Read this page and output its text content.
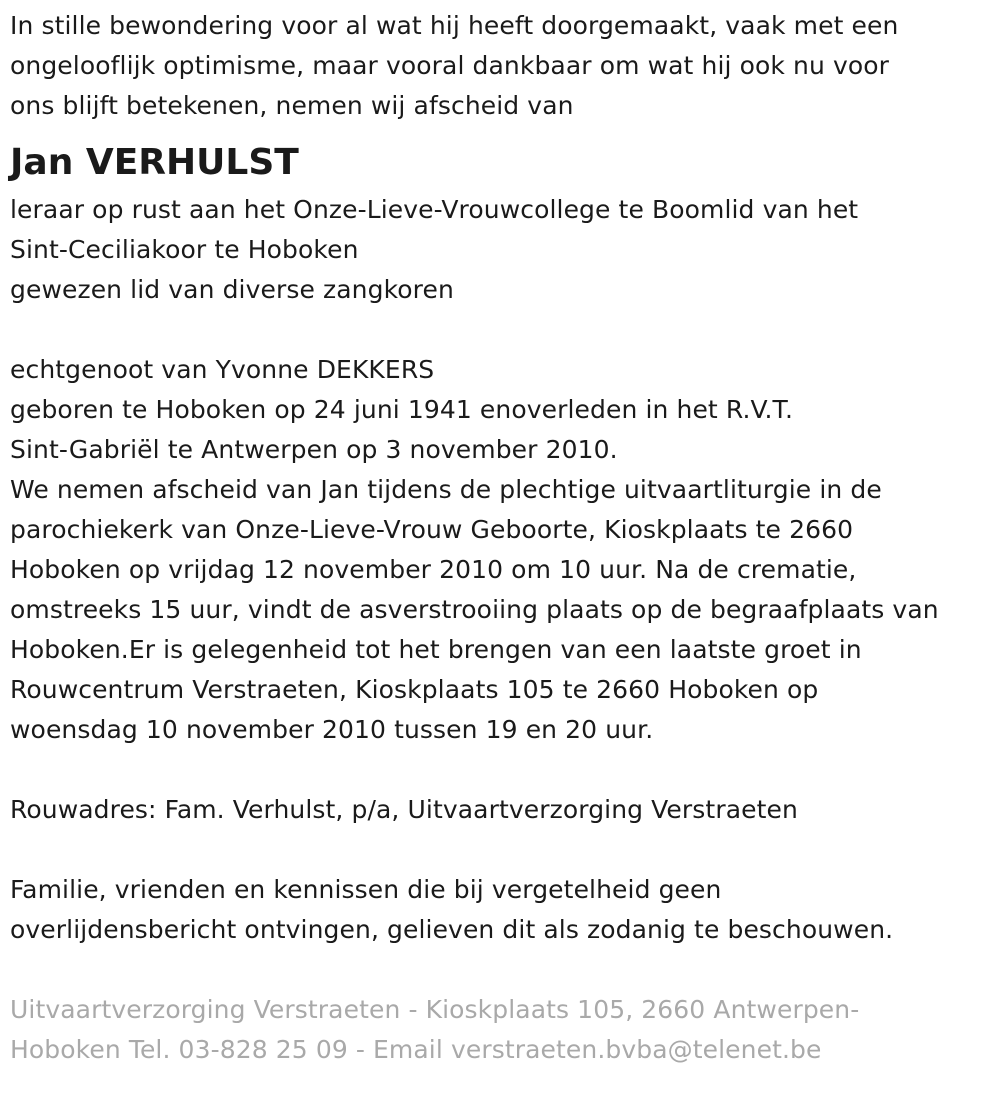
In stille bewondering voor al wat hij heeft doorgemaakt, vaak met een
ongelooflijk optimisme, maar vooral dankbaar om wat hij ook nu voor
ons blijft betekenen, nemen wij afscheid van
Jan VERHULST
leraar op rust aan het Onze-Lieve-Vrouwcollege te Boomlid van het
Sint-Ceciliakoor te Hoboken
gewezen lid van diverse zangkoren
echtgenoot van Yvonne DEKKERS
geboren te Hoboken op 24 juni 1941 enoverleden in het R.V.T.
Sint-Gabriël te Antwerpen op 3 november 2010.
We nemen afscheid van Jan tijdens de plechtige uitvaartliturgie in de
parochiekerk van Onze-Lieve-Vrouw Geboorte, Kioskplaats te 2660
Hoboken op vrijdag 12 november 2010 om 10 uur. Na de crematie,
omstreeks 15 uur, vindt de asverstrooiing plaats op de begraafplaats van
Hoboken.Er is gelegenheid tot het brengen van een laatste groet in
Rouwcentrum Verstraeten, Kioskplaats 105 te 2660 Hoboken op
woensdag 10 november 2010 tussen 19 en 20 uur.
Rouwadres: Fam. Verhulst, p/a, Uitvaartverzorging Verstraeten
Familie, vrienden en kennissen die bij vergetelheid geen
overlijdensbericht ontvingen, gelieven dit als zodanig te beschouwen.
Uitvaartverzorging Verstraeten - Kioskplaats 105, 2660 Antwerpen-
Hoboken Tel. 03-828 25 09 - Email verstraeten.bvba@telenet.be
